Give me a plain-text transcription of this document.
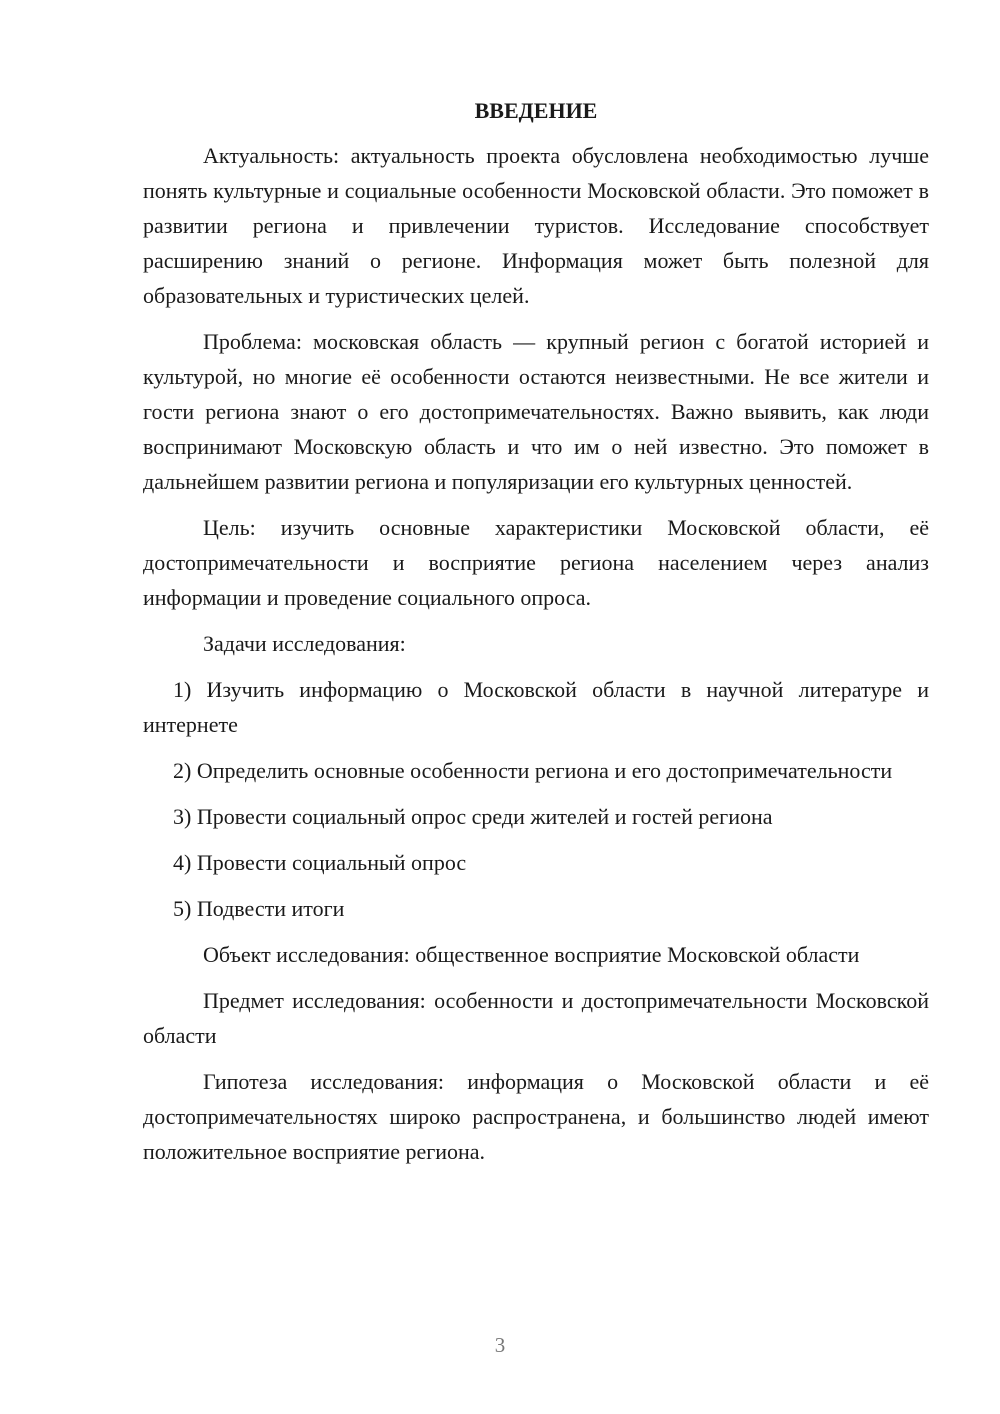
ВВЕДЕНИЕ

Актуальность: актуальность проекта обусловлена необходимостью лучше понять культурные и социальные особенности Московской области. Это поможет в развитии региона и привлечении туристов. Исследование способствует расширению знаний о регионе. Информация может быть полезной для образовательных и туристических целей.

Проблема: московская область — крупный регион с богатой историей и культурой, но многие её особенности остаются неизвестными. Не все жители и гости региона знают о его достопримечательностях. Важно выявить, как люди воспринимают Московскую область и что им о ней известно. Это поможет в дальнейшем развитии региона и популяризации его культурных ценностей.

Цель: изучить основные характеристики Московской области, её достопримечательности и восприятие региона населением через анализ информации и проведение социального опроса.

Задачи исследования:

1) Изучить информацию о Московской области в научной литературе и интернете

2) Определить основные особенности региона и его достопримечательности

3) Провести социальный опрос среди жителей и гостей региона

4) Провести социальный опрос

5) Подвести итоги

Объект исследования: общественное восприятие Московской области

Предмет исследования: особенности и достопримечательности Московской области

Гипотеза исследования: информация о Московской области и её достопримечательностях широко распространена, и большинство людей имеют положительное восприятие региона.

3
